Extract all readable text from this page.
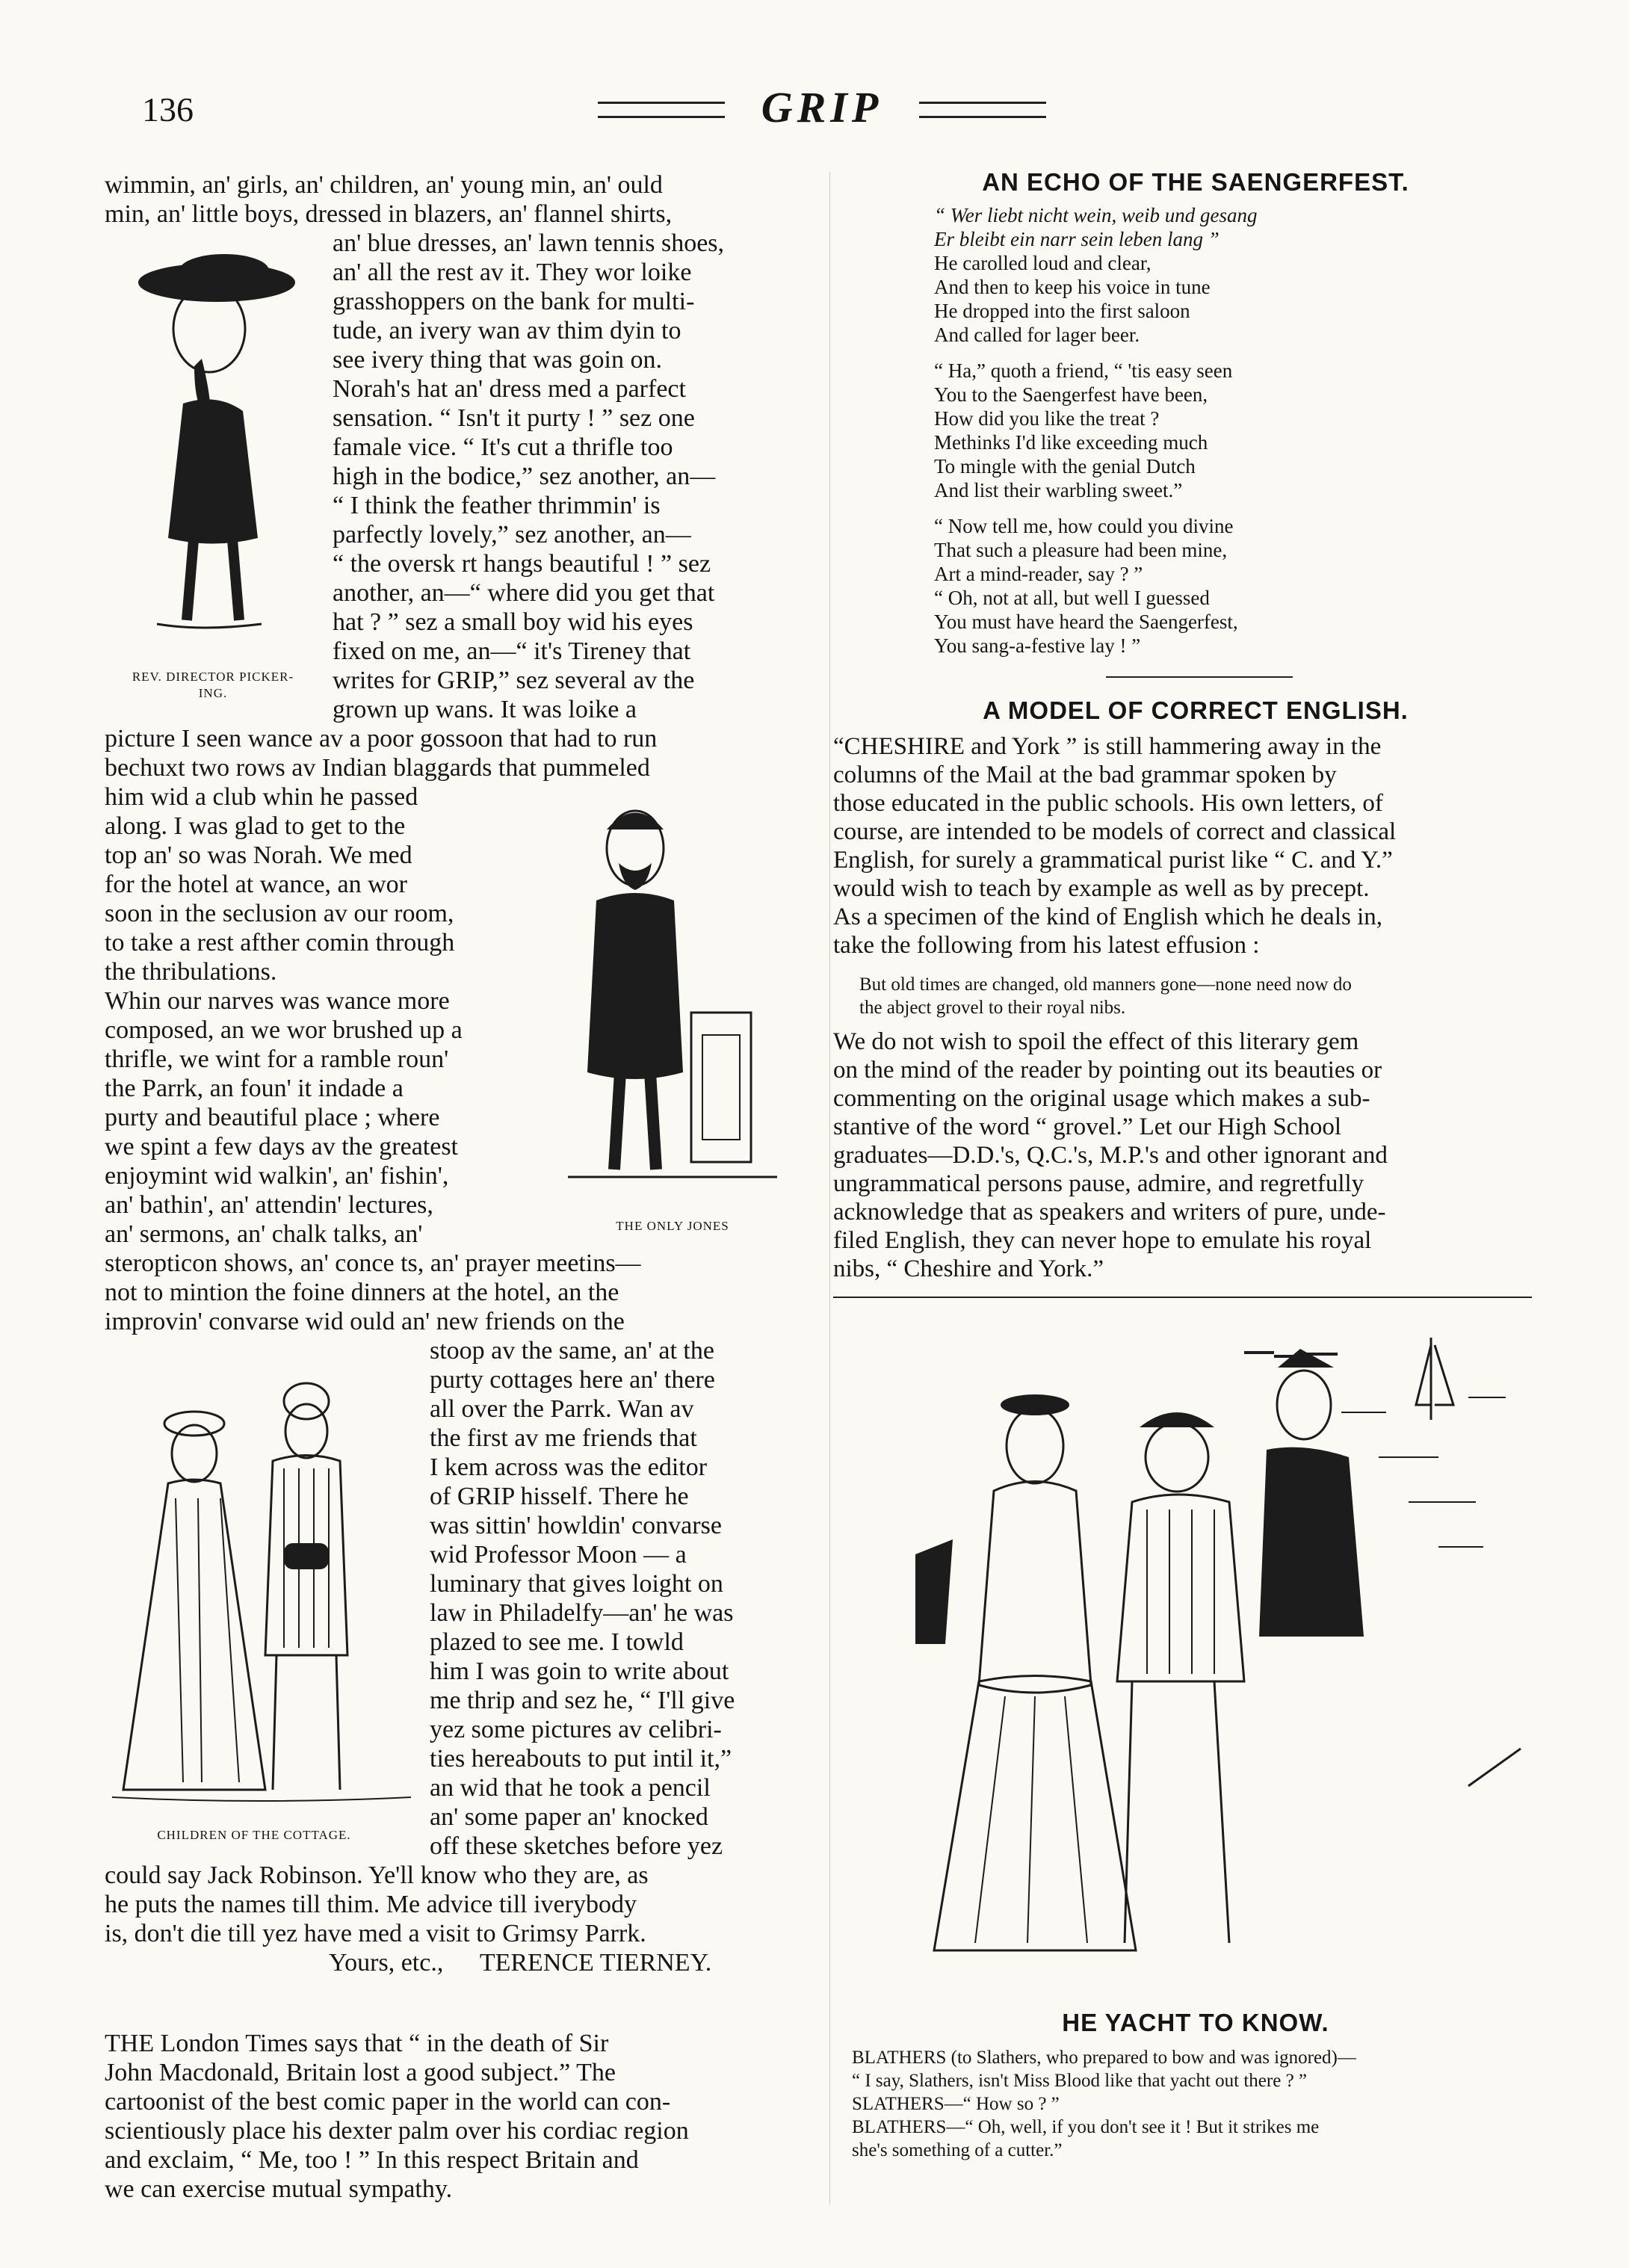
136	GRIP
wimmin, an' girls, an' children, an' young min, an' ould
min, an' little boys, dressed in blazers, an' flannel shirts,
an' blue dresses, an' lawn tennis shoes,
an' all the rest av it. They wor loike
grasshoppers on the bank for multi-
tude, an ivery wan av thim dyin to
see ivery thing that was goin on.
Norah's hat an' dress med a parfect
sensation. “ Isn't it purty ! ” sez one
famale vice. “ It's cut a thrifle too
high in the bodice,” sez another, an—
“ I think the feather thrimmin' is
parfectly lovely,” sez another, an—
“ the oversk rt hangs beautiful ! ” sez
another, an—“ where did you get that
hat ? ” sez a small boy wid his eyes
fixed on me, an—“ it's Tireney that
writes for GRIP,” sez several av the
grown up wans. It was loike a
picture I seen wance av a poor gossoon that had to run
bechuxt two rows av Indian blaggards that pummeled
him wid a club whin he passed
along. I was glad to get to the
top an' so was Norah. We med
for the hotel at wance, an wor
soon in the seclusion av our room,
to take a rest afther comin through
the thribulations.
Whin our narves was wance more
composed, an we wor brushed up a
thrifle, we wint for a ramble roun'
the Parrk, an foun' it indade a
purty and beautiful place ; where
we spint a few days av the greatest
enjoymint wid walkin', an' fishin',
an' bathin', an' attendin' lectures,
an' sermons, an' chalk talks, an'
steropticon shows, an' conce ts, an' prayer meetins—
not to mintion the foine dinners at the hotel, an the
improvin' convarse wid ould an' new friends on the
stoop av the same, an' at the
purty cottages here an' there
all over the Parrk. Wan av
the first av me friends that
I kem across was the editor
of GRIP hisself. There he
was sittin' howldin' convarse
wid Professor Moon — a
luminary that gives loight on
law in Philadelfy—an' he was
plazed to see me. I towld
him I was goin to write about
me thrip and sez he, “ I'll give
yez some pictures av celibri-
ties hereabouts to put intil it,”
an wid that he took a pencil
an' some paper an' knocked
off these sketches before yez
could say Jack Robinson. Ye'll know who they are, as
he puts the names till thim. Me advice till iverybody
is, don't die till yez have med a visit to Grimsy Parrk.
Yours, etc., TERENCE TIERNEY.
REV. DIRECTOR PICKER-
ING.
THE ONLY JONES
CHILDREN OF THE COTTAGE.
THE London Times says that “ in the death of Sir
John Macdonald, Britain lost a good subject.” The
cartoonist of the best comic paper in the world can con-
scientiously place his dexter palm over his cordiac region
and exclaim, “ Me, too ! ” In this respect Britain and
we can exercise mutual sympathy.
AN ECHO OF THE SAENGERFEST.
“ Wer liebt nicht wein, weib und gesang
Er bleibt ein narr sein leben lang ”
He carolled loud and clear,
And then to keep his voice in tune
He dropped into the first saloon
And called for lager beer.
“ Ha,” quoth a friend, “ 'tis easy seen
You to the Saengerfest have been,
How did you like the treat ?
Methinks I'd like exceeding much
To mingle with the genial Dutch
And list their warbling sweet.”
“ Now tell me, how could you divine
That such a pleasure had been mine,
Art a mind-reader, say ? ”
“ Oh, not at all, but well I guessed
You must have heard the Saengerfest,
You sang-a-festive lay ! ”
A MODEL OF CORRECT ENGLISH.
“CHESHIRE and York ” is still hammering away in the
columns of the Mail at the bad grammar spoken by
those educated in the public schools. His own letters, of
course, are intended to be models of correct and classical
English, for surely a grammatical purist like “ C. and Y.”
would wish to teach by example as well as by precept.
As a specimen of the kind of English which he deals in,
take the following from his latest effusion :
But old times are changed, old manners gone—none need now do
the abject grovel to their royal nibs.
We do not wish to spoil the effect of this literary gem
on the mind of the reader by pointing out its beauties or
commenting on the original usage which makes a sub-
stantive of the word “ grovel.” Let our High School
graduates—D.D.'s, Q.C.'s, M.P.'s and other ignorant and
ungrammatical persons pause, admire, and regretfully
acknowledge that as speakers and writers of pure, unde-
filed English, they can never hope to emulate his royal
nibs, “ Cheshire and York.”
HE YACHT TO KNOW.
BLATHERS (to Slathers, who prepared to bow and was ignored)—
“ I say, Slathers, isn't Miss Blood like that yacht out there ? ”
SLATHERS—“ How so ? ”
BLATHERS—“ Oh, well, if you don't see it ! But it strikes me
she's something of a cutter.”
